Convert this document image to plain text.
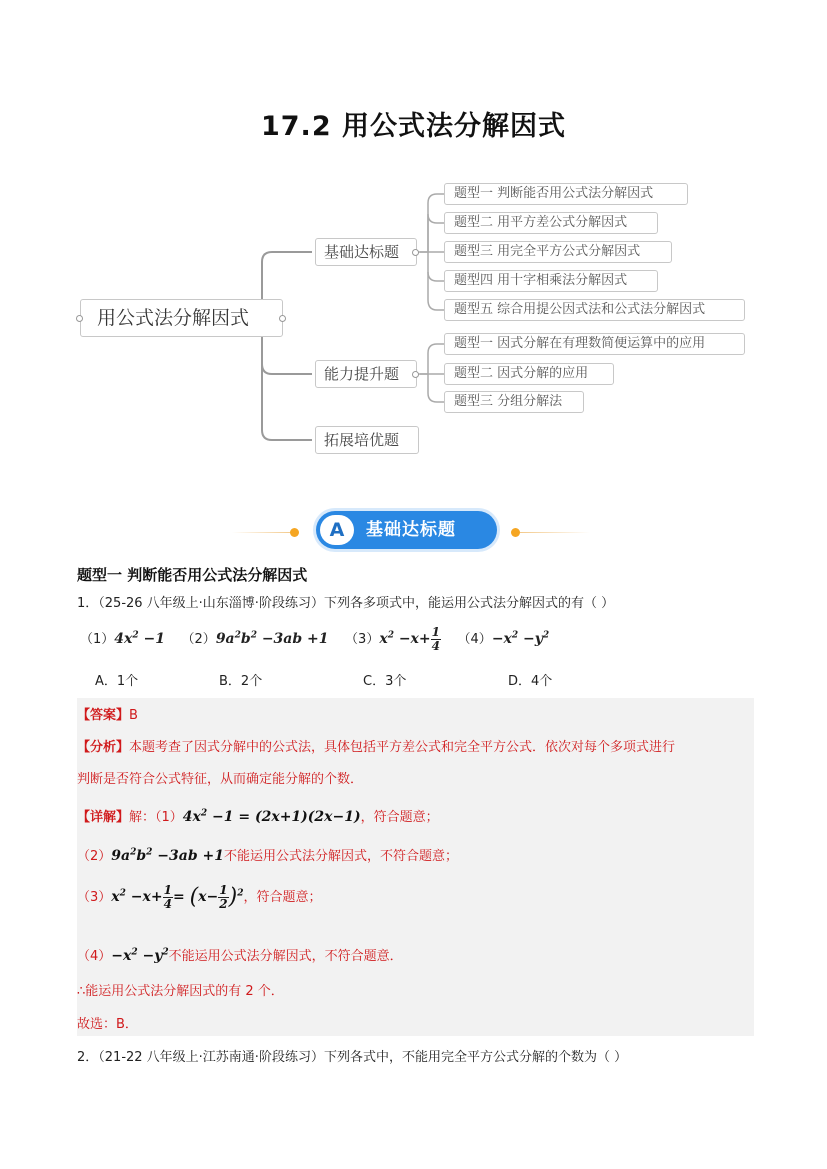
17.2 用公式法分解因式
用公式法分解因式
基础达标题
能力提升题
拓展培优题
题型一 判断能否用公式法分解因式
题型二 用平方差公式分解因式
题型三 用完全平方公式分解因式
题型四 用十字相乘法分解因式
题型五 综合用提公因式法和公式法分解因式
题型一 因式分解在有理数简便运算中的应用
题型二 因式分解的应用
题型三 分组分解法
A	基础达标题
题型一 判断能否用公式法分解因式
1．（25-26 八年级上·山东淄博·阶段练习）下列各多项式中，能运用公式法分解因式的有（ ）
$(1)4x^2 -1$    $(2)9a^2b^2 -3ab +1$    $(3)x^2 -x+ \frac{1}{4} (4)-x^2 -y^2$
A．1个	B．2个	C．3个	D．4个
【答案】B
【分析】本题考查了因式分解中的公式法，具体包括平方差公式和完全平方公式．依次对每个多项式进行
判断是否符合公式特征，从而确定能分解的个数．
【详解】解：$(1)4x^2 -1 = (2x+1)(2x-1)$，符合题意；
$(2)9a^2b^2 -3ab +1$不能运用公式法分解因式，不符合题意；
$(3)x^2 -x+ \frac{1}{4} = (x- \frac{1}{2} )^2$，符合题意；
$(4)-x^2 -y^2$不能运用公式法分解因式，不符合题意．
∴能运用公式法分解因式的有 2 个．
故选：B．
2．（21-22 八年级上·江苏南通·阶段练习）下列各式中，不能用完全平方公式分解的个数为（ ）
